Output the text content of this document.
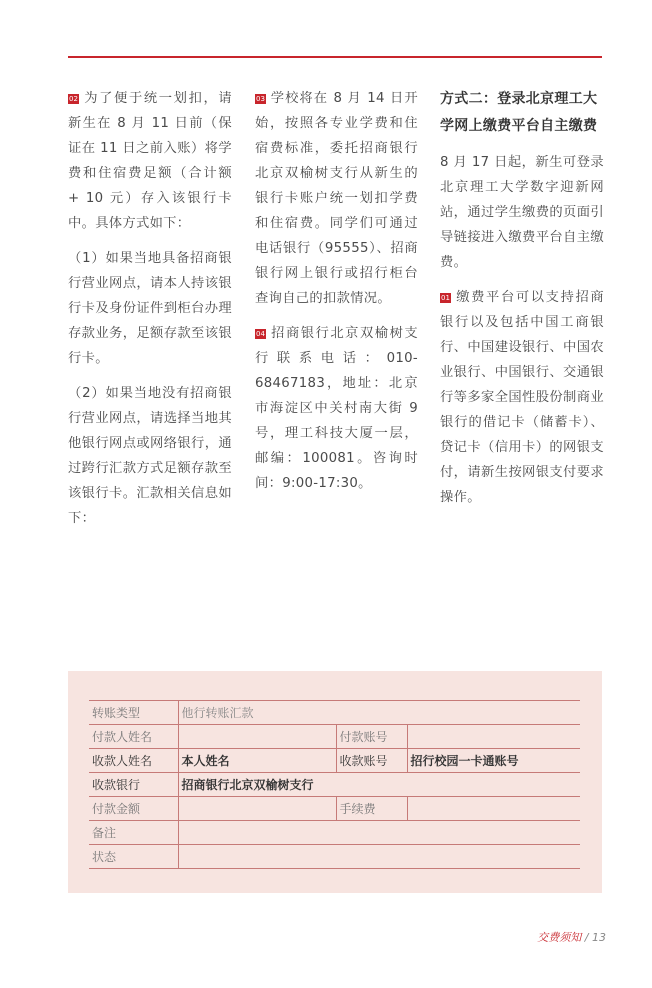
02 为了便于统一划扣，请新生在 8 月 11 日前（保证在 11 日之前入账）将学费和住宿费足额（合计额 + 10 元）存入该银行卡中。具体方式如下：

（1）如果当地具备招商银行营业网点，请本人持该银行卡及身份证件到柜台办理存款业务，足额存款至该银行卡。

（2）如果当地没有招商银行营业网点，请选择当地其他银行网点或网络银行，通过跨行汇款方式足额存款至该银行卡。汇款相关信息如下：

03 学校将在 8 月 14 日开始，按照各专业学费和住宿费标准，委托招商银行北京双榆树支行从新生的银行卡账户统一划扣学费和住宿费。同学们可通过电话银行（95555）、招商银行网上银行或招行柜台查询自己的扣款情况。

04 招商银行北京双榆树支行联系电话：010-68467183，地址：北京市海淀区中关村南大街 9 号，理工科技大厦一层，邮编：100081。咨询时间：9:00-17:30。

方式二：登录北京理工大学网上缴费平台自主缴费

8 月 17 日起，新生可登录北京理工大学数字迎新网站，通过学生缴费的页面引导链接进入缴费平台自主缴费。

01 缴费平台可以支持招商银行以及包括中国工商银行、中国建设银行、中国农业银行、中国银行、交通银行等多家全国性股份制商业银行的借记卡（储蓄卡）、贷记卡（信用卡）的网银支付，请新生按网银支付要求操作。

转账类型	他行转账汇款		
付款人姓名		付款账号	
收款人姓名	本人姓名	收款账号	招行校园一卡通账号
收款银行	招商银行北京双榆树支行		
付款金额		手续费	
备注			
状态			
交费须知 / 13
